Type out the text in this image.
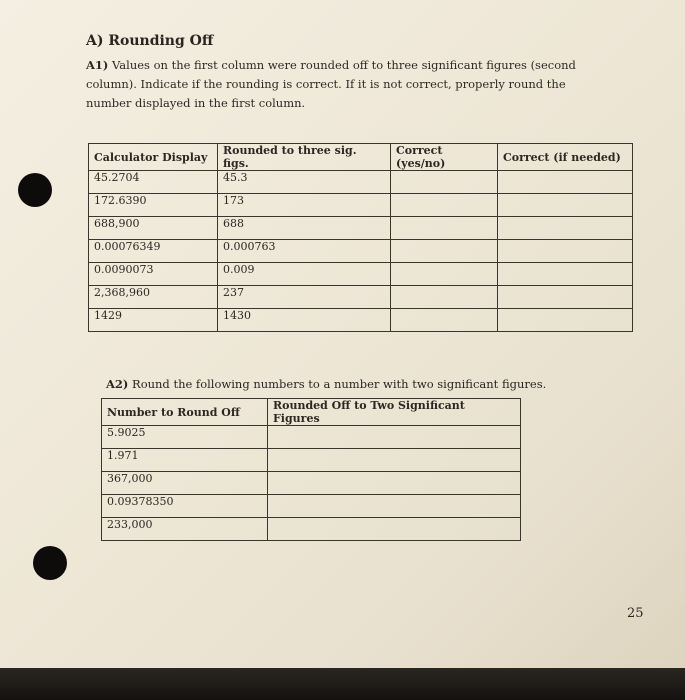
A) Rounding Off
A1) Values on the first column were rounded off to three significant figures (second column). Indicate if the rounding is correct. If it is not correct, properly round the number displayed in the first column.
Calculator Display	Rounded to three sig. figs.	Correct (yes/no)	Correct (if needed)
45.2704	45.3		
172.6390	173		
688,900	688		
0.00076349	0.000763		
0.0090073	0.009		
2,368,960	237		
1429	1430		
A2) Round the following numbers to a number with two significant figures.
Number to Round Off	Rounded Off to Two Significant Figures
5.9025	
1.971	
367,000	
0.09378350	
233,000	
25
